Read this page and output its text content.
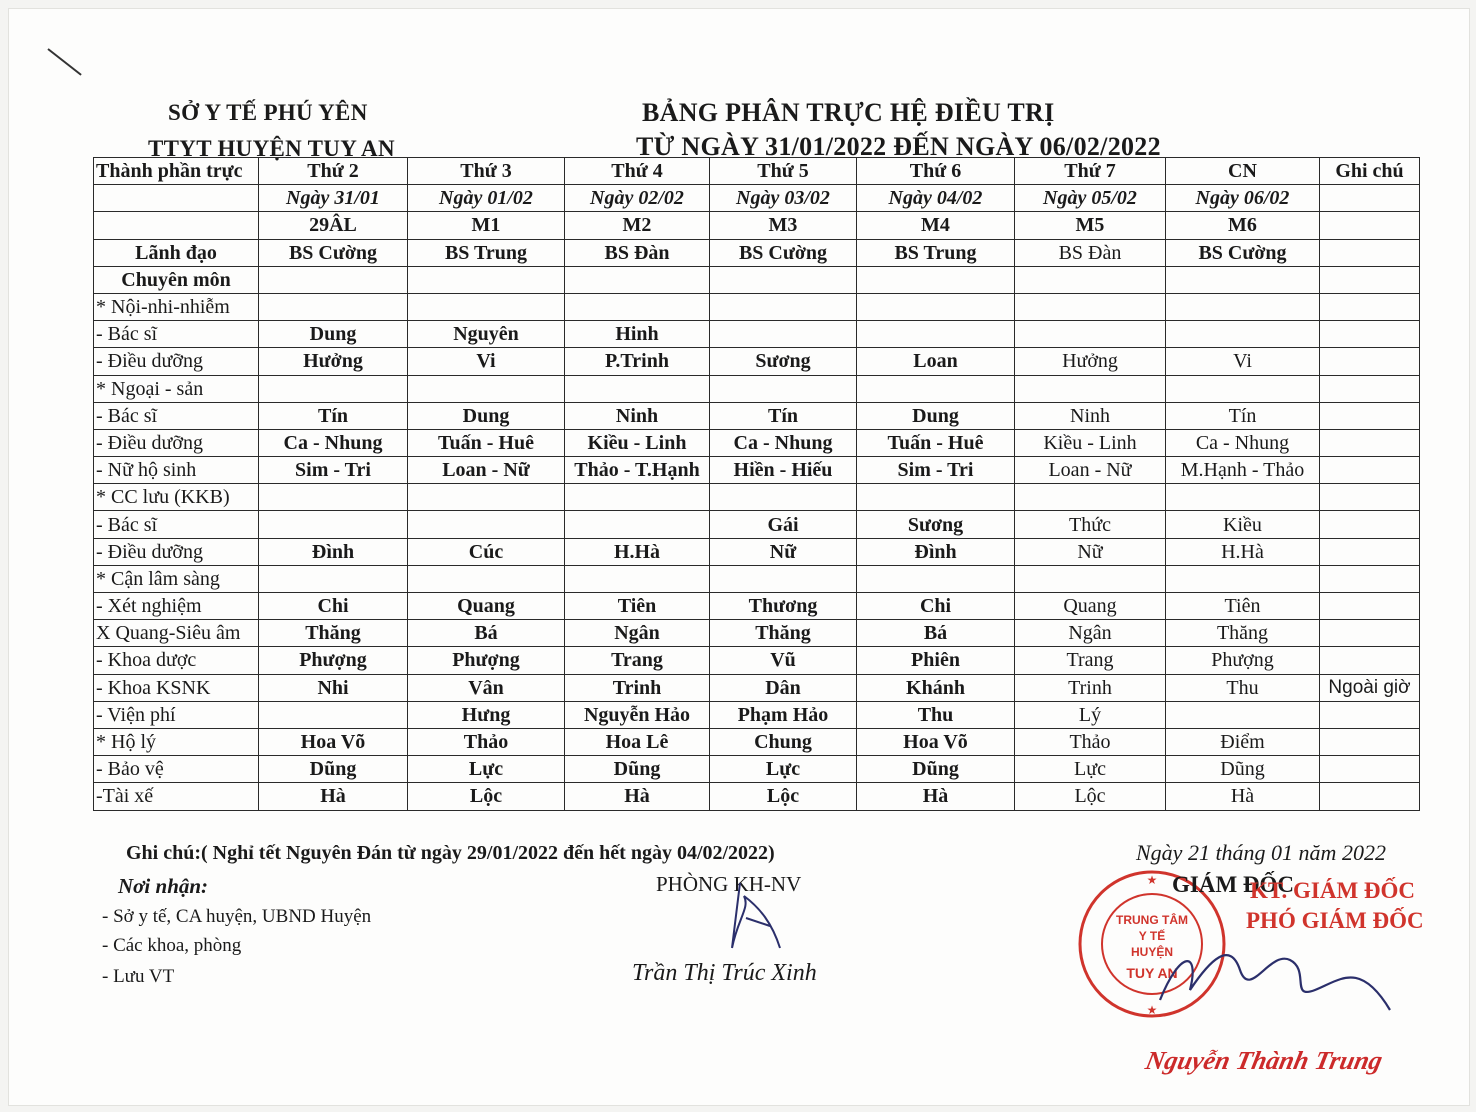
SỞ Y TẾ PHÚ YÊN
TTYT HUYỆN TUY AN
BẢNG PHÂN TRỰC HỆ ĐIỀU TRỊ
TỪ NGÀY 31/01/2022 ĐẾN NGÀY 06/02/2022
Thành phần trực	Thứ 2	Thứ 3	Thứ 4	Thứ 5	Thứ 6	Thứ 7	CN	Ghi chú
	Ngày 31/01	Ngày 01/02	Ngày 02/02	Ngày 03/02	Ngày 04/02	Ngày 05/02	Ngày 06/02	
	29ÂL	M1	M2	M3	M4	M5	M6	
Lãnh đạo	BS Cường	BS Trung	BS Đàn	BS Cường	BS Trung	BS Đàn	BS Cường	
Chuyên môn								
* Nội-nhi-nhiễm								
- Bác sĩ	Dung	Nguyên	Hinh					
- Điều dưỡng	Hưởng	Vi	P.Trinh	Sương	Loan	Hưởng	Vi	
* Ngoại - sản								
- Bác sĩ	Tín	Dung	Ninh	Tín	Dung	Ninh	Tín	
- Điều dưỡng	Ca - Nhung	Tuấn - Huê	Kiều - Linh	Ca - Nhung	Tuấn - Huê	Kiều - Linh	Ca - Nhung	
- Nữ hộ sinh	Sim - Tri	Loan - Nữ	Thảo - T.Hạnh	Hiền - Hiếu	Sim - Tri	Loan - Nữ	M.Hạnh - Thảo	
* CC lưu (KKB)								
- Bác sĩ				Gái	Sương	Thức	Kiều	
- Điều dưỡng	Đình	Cúc	H.Hà	Nữ	Đình	Nữ	H.Hà	
* Cận lâm sàng								
- Xét nghiệm	Chi	Quang	Tiên	Thương	Chi	Quang	Tiên	
X Quang-Siêu âm	Thăng	Bá	Ngân	Thăng	Bá	Ngân	Thăng	
- Khoa dược	Phượng	Phượng	Trang	Vũ	Phiên	Trang	Phượng	
- Khoa KSNK	Nhi	Vân	Trinh	Dân	Khánh	Trinh	Thu	Ngoài giờ
- Viện phí		Hưng	Nguyễn Hảo	Phạm Hảo	Thu	Lý		
* Hộ lý	Hoa Võ	Thảo	Hoa Lê	Chung	Hoa Võ	Thảo	Điểm	
- Bảo vệ	Dũng	Lực	Dũng	Lực	Dũng	Lực	Dũng	
-Tài xế	Hà	Lộc	Hà	Lộc	Hà	Lộc	Hà	
Ghi chú:( Nghỉ tết Nguyên Đán từ ngày 29/01/2022 đến hết ngày 04/02/2022)
Nơi nhận:
- Sở y tế, CA huyện, UBND Huyện
- Các khoa, phòng
- Lưu VT
PHÒNG KH-NV
Trần Thị Trúc Xinh
Ngày 21 tháng 01 năm 2022
TRUNG TÂM
Y TẾ
HUYỆN
TUY AN
★
★
GIÁM ĐỐC
KT. GIÁM ĐỐC
PHÓ GIÁM ĐỐC
Nguyễn Thành Trung
